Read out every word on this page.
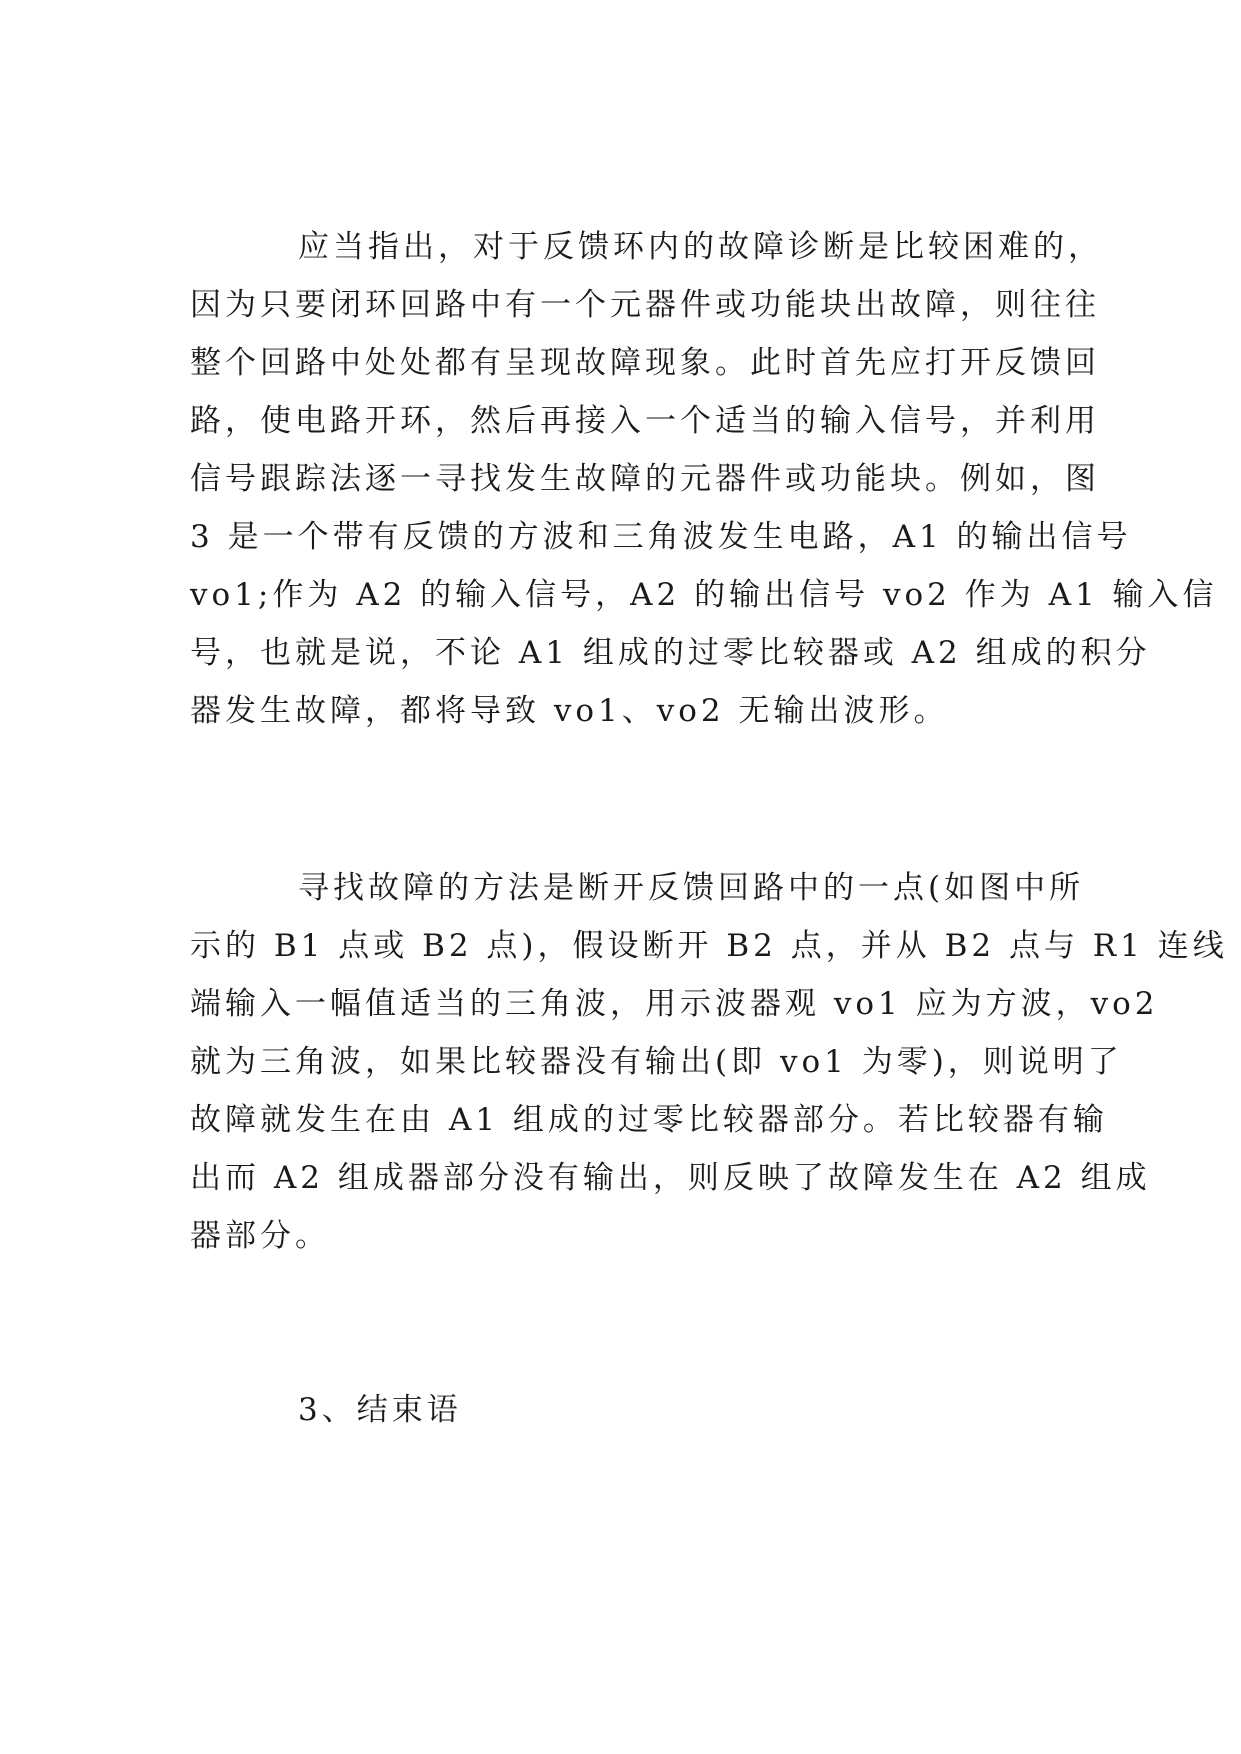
应当指出，对于反馈环内的故障诊断是比较困难的，
因为只要闭环回路中有一个元器件或功能块出故障，则往往
整个回路中处处都有呈现故障现象。此时首先应打开反馈回
路，使电路开环，然后再接入一个适当的输入信号，并利用
信号跟踪法逐一寻找发生故障的元器件或功能块。例如，图
3 是一个带有反馈的方波和三角波发生电路，A1 的输出信号
vo1;作为 A2 的输入信号，A2 的输出信号 vo2 作为 A1 输入信
号，也就是说，不论 A1 组成的过零比较器或 A2 组成的积分
器发生故障，都将导致 vo1、vo2 无输出波形。
寻找故障的方法是断开反馈回路中的一点(如图中所
示的 B1 点或 B2 点)，假设断开 B2 点，并从 B2 点与 R1 连线
端输入一幅值适当的三角波，用示波器观 vo1 应为方波，vo2
就为三角波，如果比较器没有输出(即 vo1 为零)，则说明了
故障就发生在由 A1 组成的过零比较器部分。若比较器有输
出而 A2 组成器部分没有输出，则反映了故障发生在 A2 组成
器部分。
3、结束语
